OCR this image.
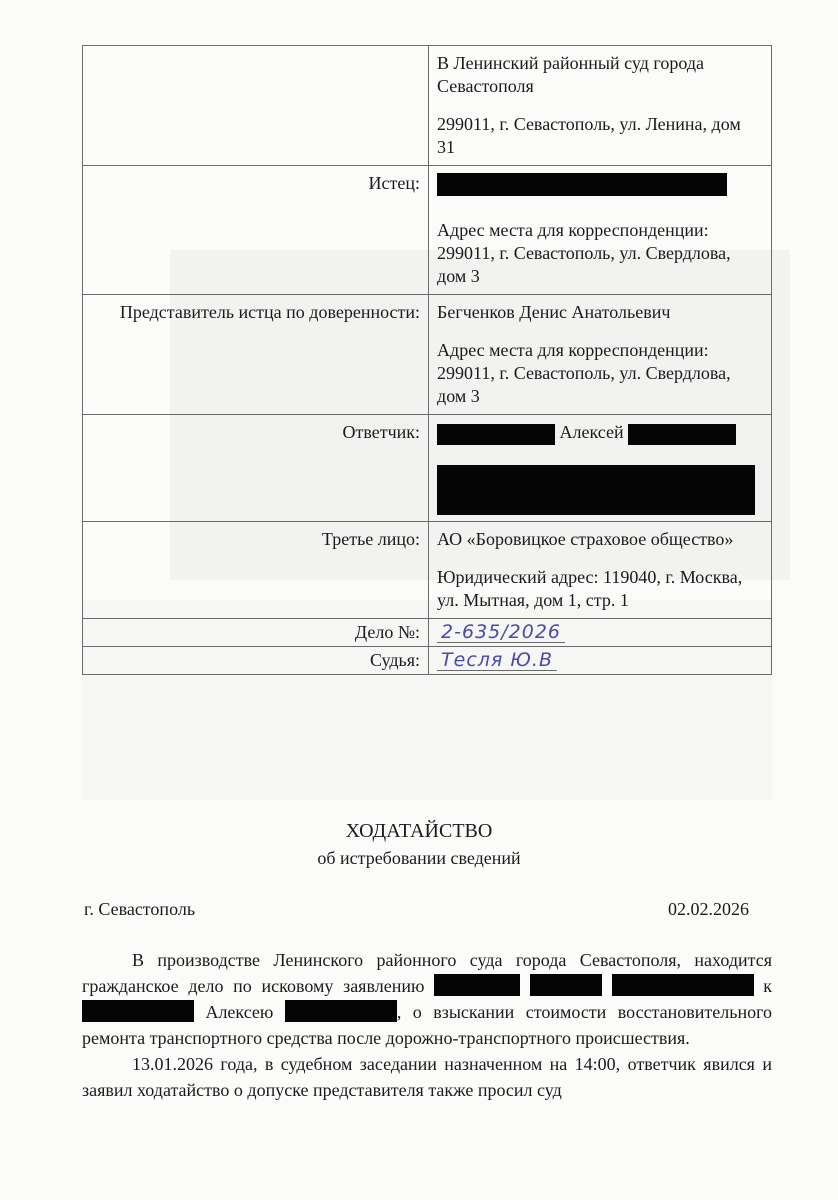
	В Ленинский районный суд города Севастополя
299011, г. Севастополь, ул. Ленина, дом 31

Истец:	Адрес места для корреспонденции:
299011, г. Севастополь, ул. Свердлова, дом 3

Представитель истца по доверенности:	Бегченков Денис Анатольевич
Адрес места для корреспонденции:
299011, г. Севастополь, ул. Свердлова, дом 3

Ответчик:	Алексей

Третье лицо:	АО «Боровицкое страховое общество»
Юридический адрес: 119040, г. Москва, ул. Мытная, дом 1, стр. 1

Дело №:	2-635/2026
Судья:	Тесля Ю.В
ХОДАТАЙСТВО
об истребовании сведений
г. Севастополь	02.02.2026

В производстве Ленинского районного суда города Севастополя, находится гражданское дело по исковому заявлению	к  Алексею	, о взыскании стоимости восстановительного ремонта транспортного средства после дорожно-транспортного происшествия.

13.01.2026 года, в судебном заседании назначенном на 14:00, ответчик явился и заявил ходатайство о допуске представителя также просил суд
